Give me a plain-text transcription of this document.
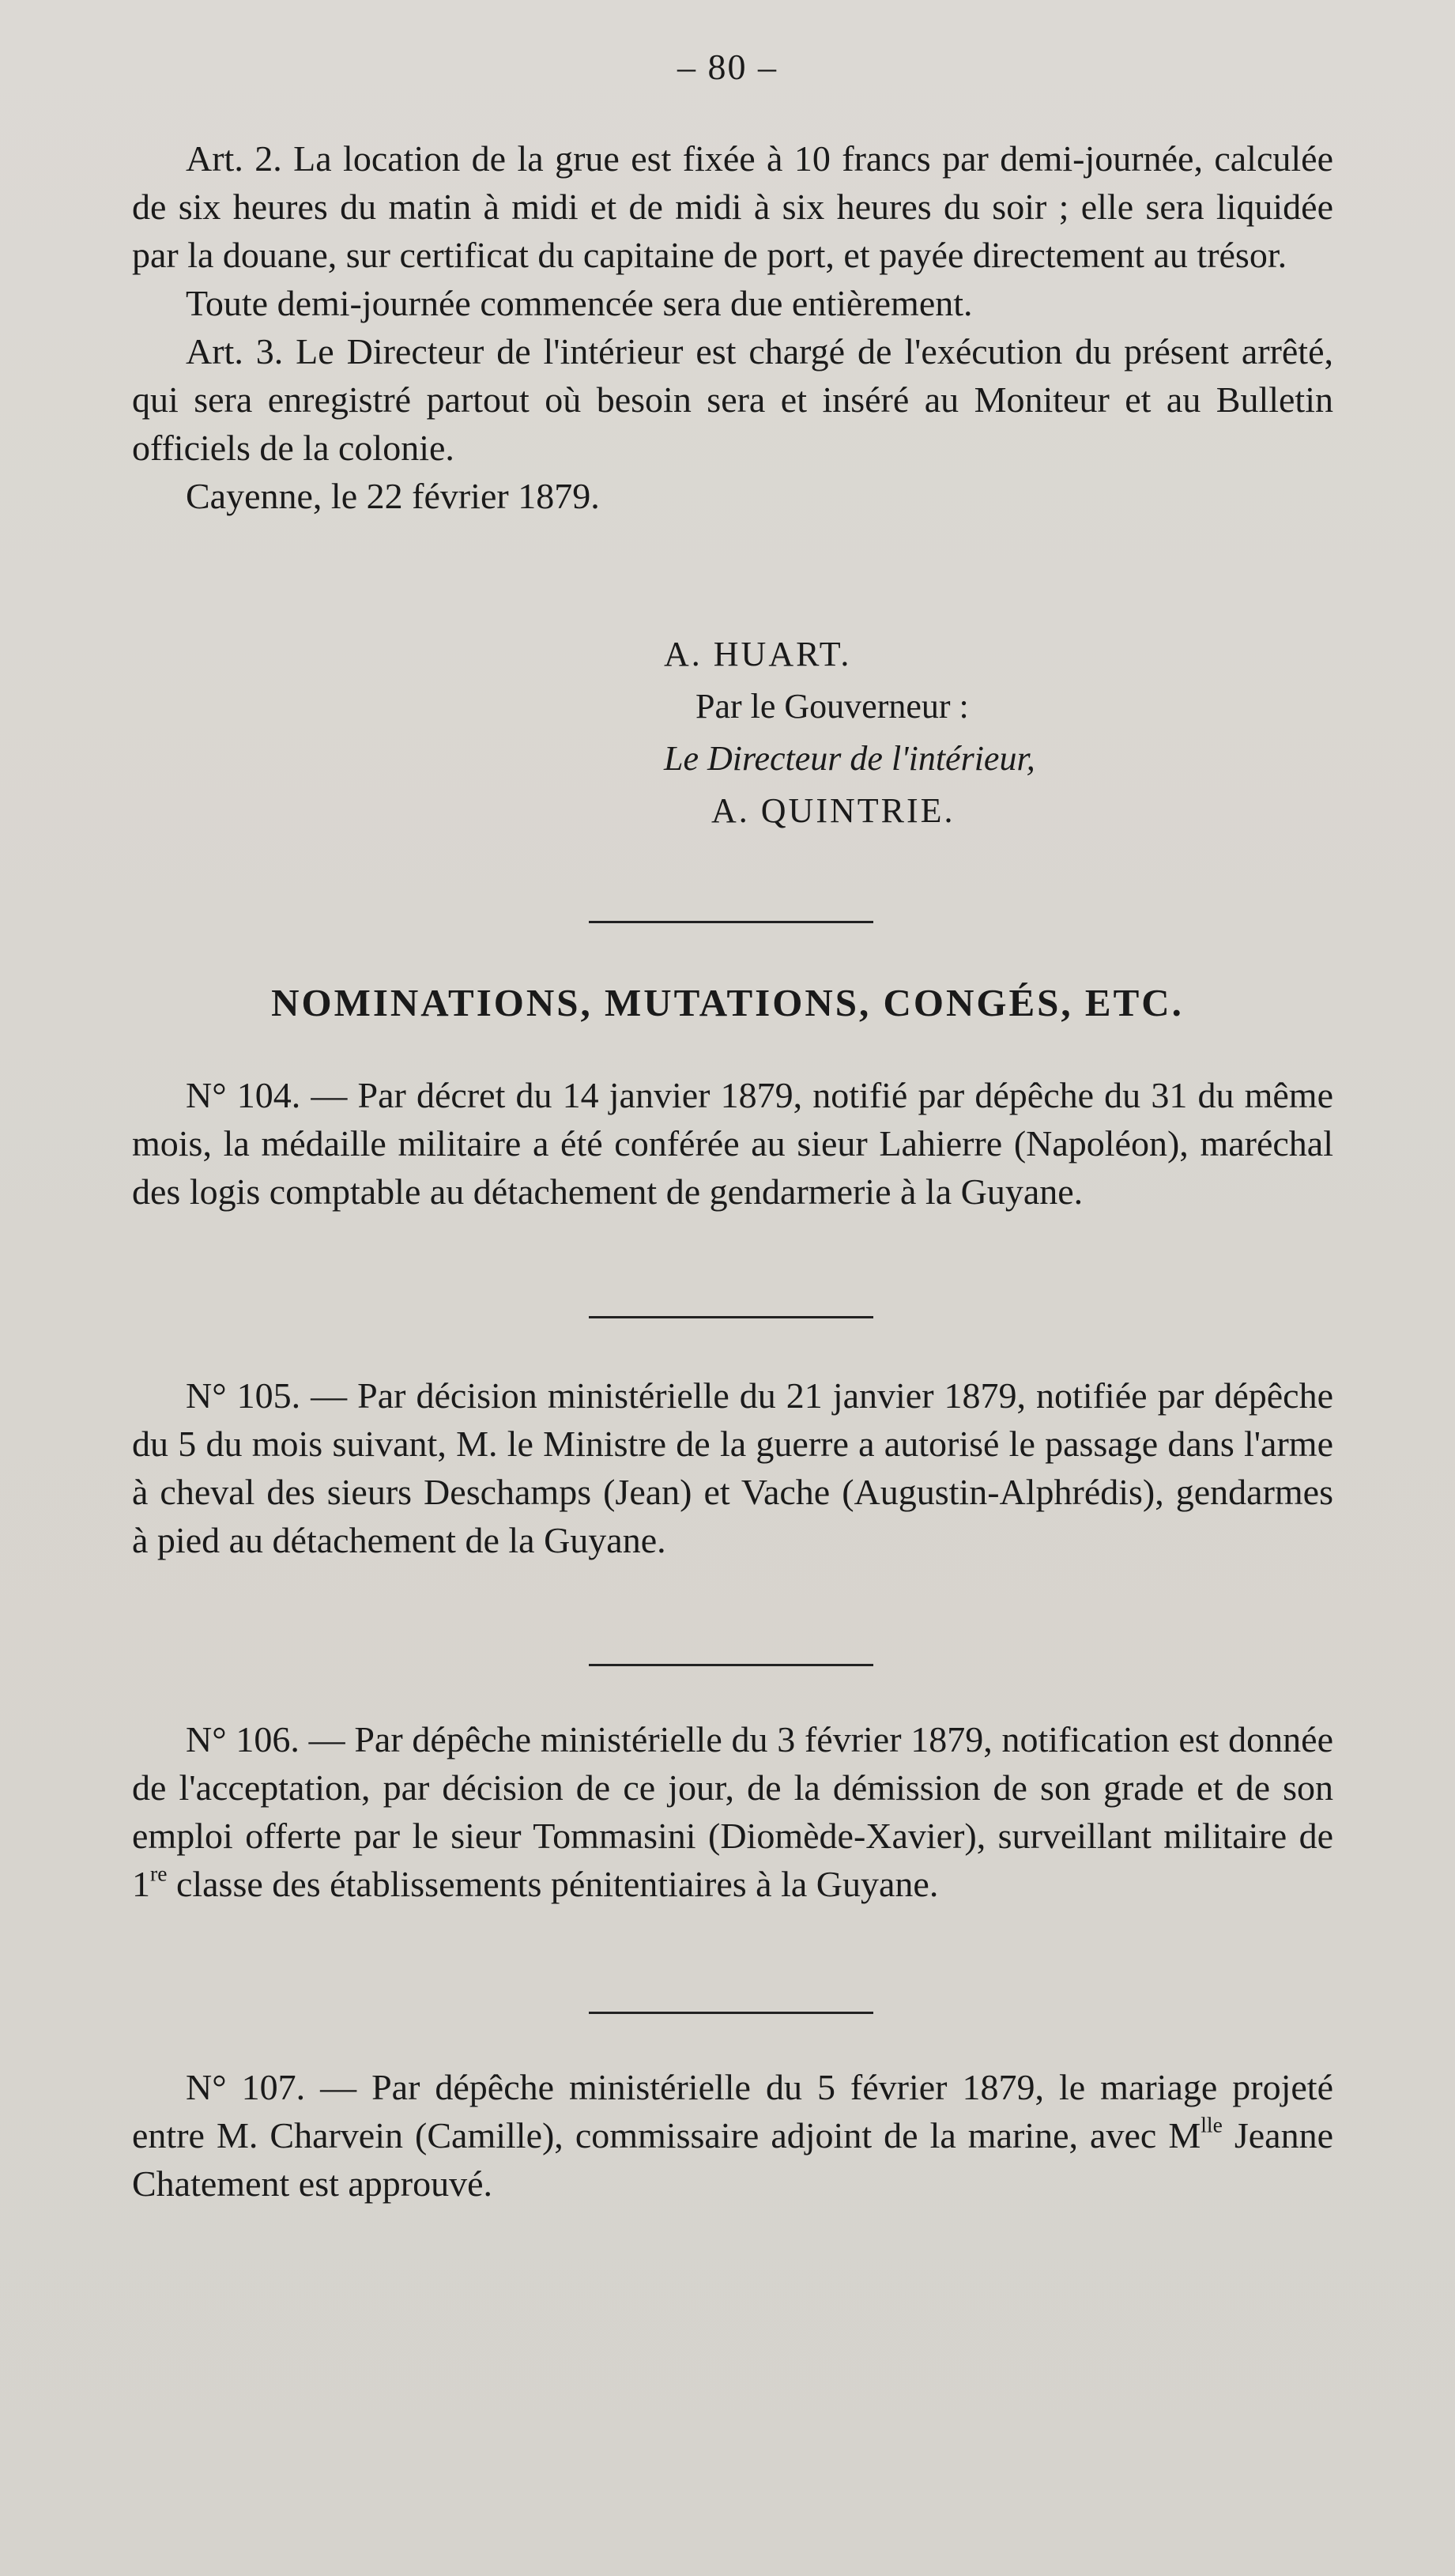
– 80 –

Art. 2. La location de la grue est fixée à 10 francs par demi-journée, calculée de six heures du matin à midi et de midi à six heures du soir ; elle sera liquidée par la douane, sur certificat du capitaine de port, et payée directement au trésor.

Toute demi-journée commencée sera due entièrement.

Art. 3. Le Directeur de l'intérieur est chargé de l'exécution du présent arrêté, qui sera enregistré partout où besoin sera et inséré au Moniteur et au Bulletin officiels de la colonie.

Cayenne, le 22 février 1879.

A. HUART.
Par le Gouverneur :
Le Directeur de l'intérieur,
A. QUINTRIE.
NOMINATIONS, MUTATIONS, CONGÉS, ETC.

N° 104. — Par décret du 14 janvier 1879, notifié par dépêche du 31 du même mois, la médaille militaire a été conférée au sieur Lahierre (Napoléon), maréchal des logis comptable au détachement de gendarmerie à la Guyane.

N° 105. — Par décision ministérielle du 21 janvier 1879, notifiée par dépêche du 5 du mois suivant, M. le Ministre de la guerre a autorisé le passage dans l'arme à cheval des sieurs Deschamps (Jean) et Vache (Augustin-Alphrédis), gendarmes à pied au détachement de la Guyane.

N° 106. — Par dépêche ministérielle du 3 février 1879, notification est donnée de l'acceptation, par décision de ce jour, de la démission de son grade et de son emploi offerte par le sieur Tommasini (Diomède-Xavier), surveillant militaire de 1re classe des établissements pénitentiaires à la Guyane.

N° 107. — Par dépêche ministérielle du 5 février 1879, le mariage projeté entre M. Charvein (Camille), commissaire adjoint de la marine, avec $M^{lle}$ Jeanne Chatement est approuvé.
